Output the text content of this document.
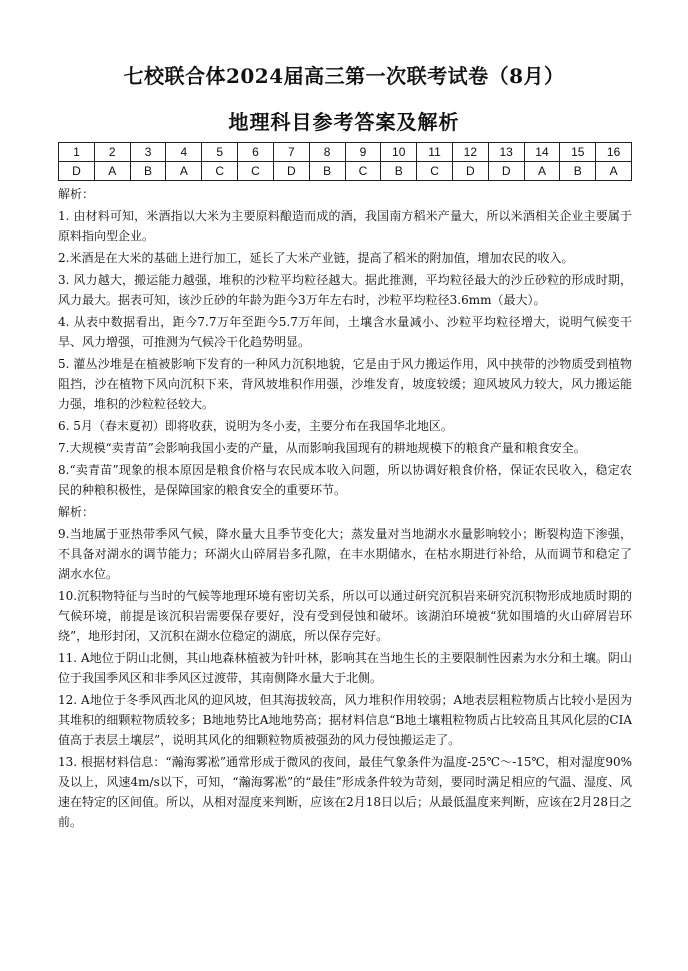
七校联合体2024届高三第一次联考试卷（8月）
地理科目参考答案及解析
1	2	3	4	5	6	7	8	9	10	11	12	13	14	15	16
D	A	B	A	C	C	D	B	C	B	C	D	D	A	B	A

解析：

1. 由材料可知，米酒指以大米为主要原料酿造而成的酒，我国南方稻米产量大，所以米酒相关企业主要属于原料指向型企业。

2.米酒是在大米的基础上进行加工，延长了大米产业链，提高了稻米的附加值，增加农民的收入。

3. 风力越大，搬运能力越强，堆积的沙粒平均粒径越大。据此推测，平均粒径最大的沙丘砂粒的形成时期，风力最大。据表可知，该沙丘砂的年龄为距今3万年左右时，沙粒平均粒径3.6mm（最大）。

4. 从表中数据看出，距今7.7万年至距今5.7万年间，土壤含水量减小、沙粒平均粒径增大，说明气候变干旱、风力增强，可推测为气候冷干化趋势明显。

5. 灌丛沙堆是在植被影响下发育的一种风力沉积地貌，它是由于风力搬运作用，风中挟带的沙物质受到植物阻挡，沙在植物下风向沉积下来，背风坡堆积作用强，沙堆发育，坡度较缓；迎风坡风力较大，风力搬运能力强，堆积的沙粒粒径较大。

6. 5月（春末夏初）即将收获，说明为冬小麦，主要分布在我国华北地区。

7.大规模“卖青苗”会影响我国小麦的产量，从而影响我国现有的耕地规模下的粮食产量和粮食安全。

8.“卖青苗”现象的根本原因是粮食价格与农民成本收入问题，所以协调好粮食价格，保证农民收入，稳定农民的种粮积极性，是保障国家的粮食安全的重要环节。

解析：

9.当地属于亚热带季风气候，降水量大且季节变化大；蒸发量对当地湖水水量影响较小；断裂构造下渗强，不具备对湖水的调节能力；环湖火山碎屑岩多孔隙，在丰水期储水，在枯水期进行补给，从而调节和稳定了湖水水位。

10.沉积物特征与当时的气候等地理环境有密切关系，所以可以通过研究沉积岩来研究沉积物形成地质时期的气候环境，前提是该沉积岩需要保存要好，没有受到侵蚀和破坏。该湖泊环境被“犹如围墙的火山碎屑岩环绕”，地形封闭，又沉积在湖水位稳定的湖底，所以保存完好。

11. A地位于阴山北侧，其山地森林植被为针叶林，影响其在当地生长的主要限制性因素为水分和土壤。阴山位于我国季风区和非季风区过渡带，其南侧降水量大于北侧。

12. A地位于冬季风西北风的迎风坡，但其海拔较高，风力堆积作用较弱；A地表层粗粒物质占比较小是因为其堆积的细颗粒物质较多；B地地势比A地地势高；据材料信息“B地土壤粗粒物质占比较高且其风化层的CIA值高于表层土壤层”，说明其风化的细颗粒物质被强劲的风力侵蚀搬运走了。

13. 根据材料信息：“瀚海雾凇”通常形成于微风的夜间，最佳气象条件为温度-25℃～-15℃，相对湿度90%及以上，风速4m/s以下，可知，“瀚海雾凇”的“最佳”形成条件较为苛刻，要同时满足相应的气温、湿度、风速在特定的区间值。所以，从相对湿度来判断，应该在2月18日以后；从最低温度来判断，应该在2月28日之前。
